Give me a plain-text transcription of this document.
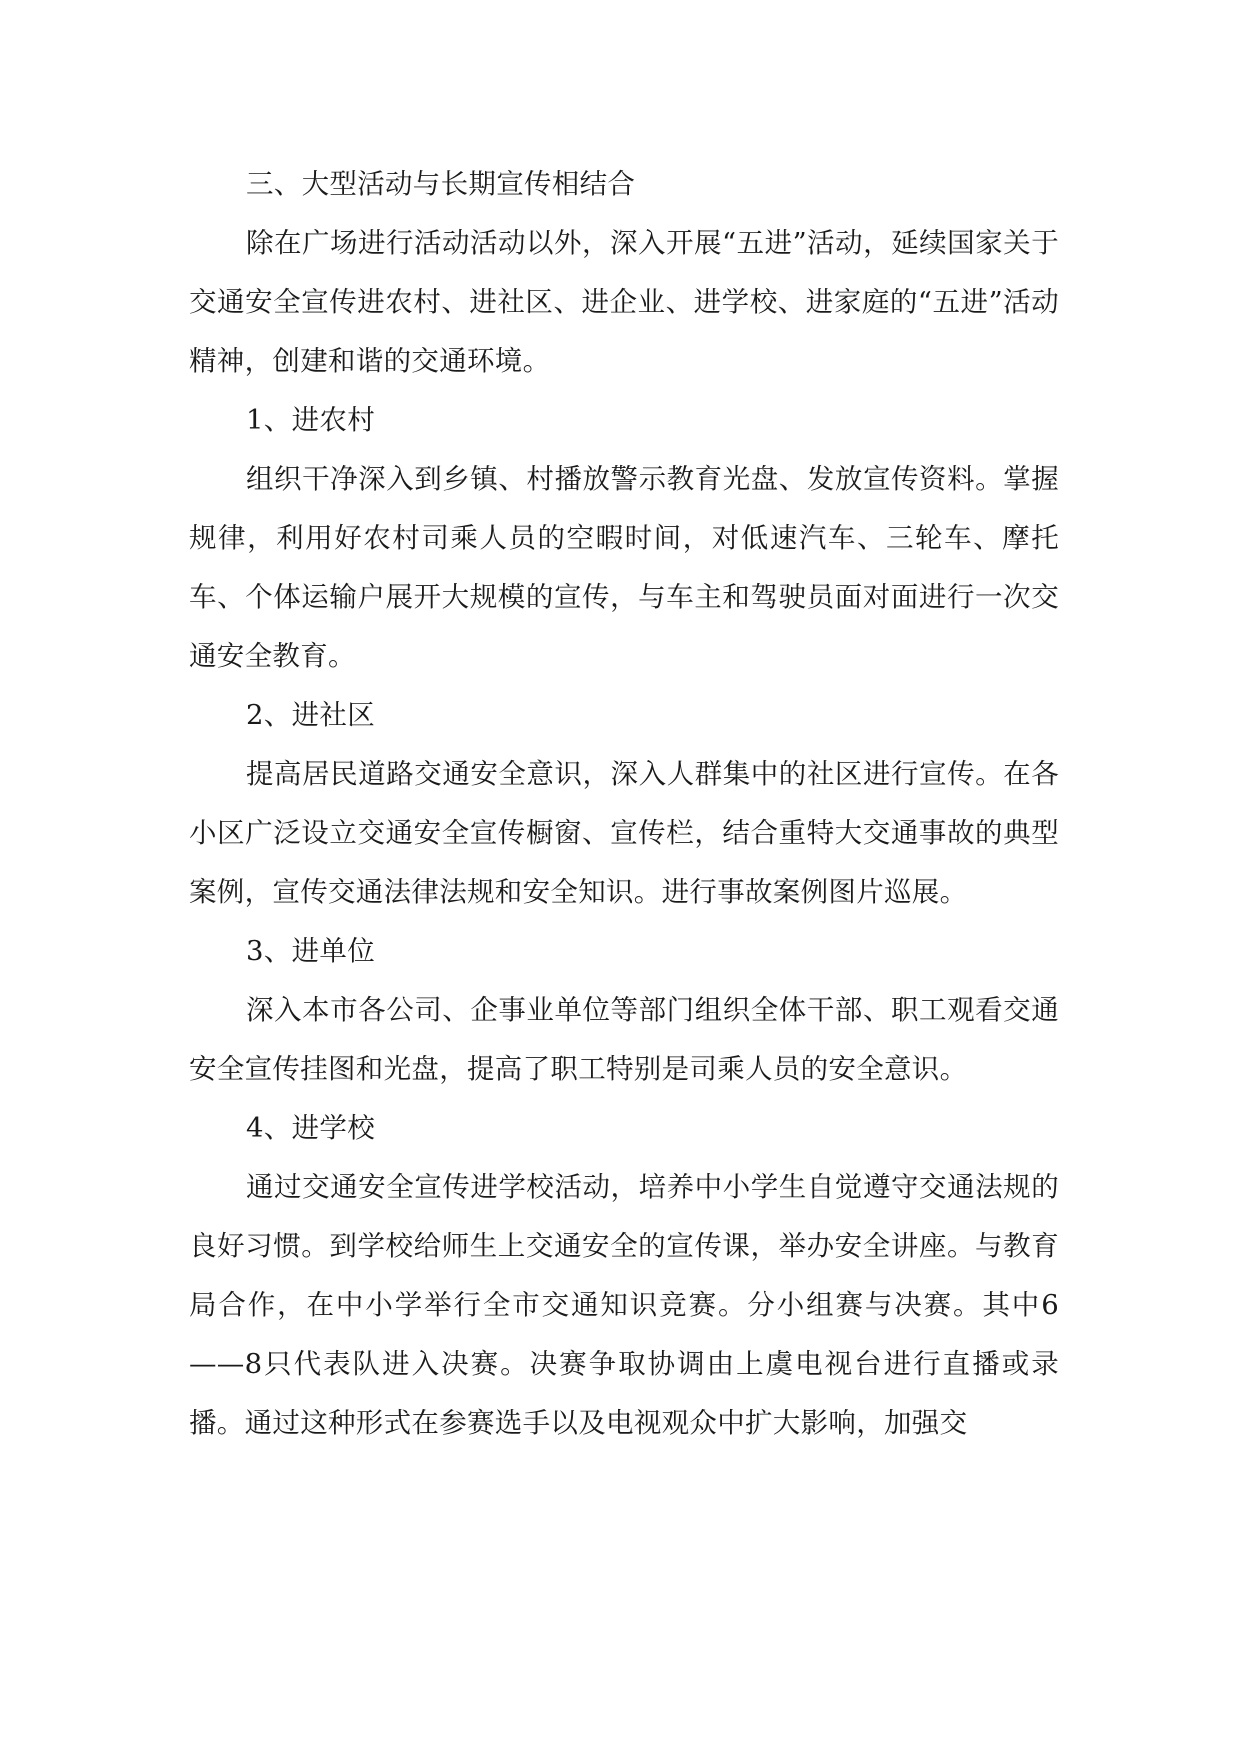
三、大型活动与长期宣传相结合

除在广场进行活动活动以外，深入开展“五进”活动，延续国家关于交通安全宣传进农村、进社区、进企业、进学校、进家庭的“五进”活动精神，创建和谐的交通环境。

1、进农村

组织干净深入到乡镇、村播放警示教育光盘、发放宣传资料。掌握规律，利用好农村司乘人员的空暇时间，对低速汽车、三轮车、摩托车、个体运输户展开大规模的宣传，与车主和驾驶员面对面进行一次交通安全教育。

2、进社区

提高居民道路交通安全意识，深入人群集中的社区进行宣传。在各小区广泛设立交通安全宣传橱窗、宣传栏，结合重特大交通事故的典型案例，宣传交通法律法规和安全知识。进行事故案例图片巡展。

3、进单位

深入本市各公司、企事业单位等部门组织全体干部、职工观看交通安全宣传挂图和光盘，提高了职工特别是司乘人员的安全意识。

4、进学校

通过交通安全宣传进学校活动，培养中小学生自觉遵守交通法规的良好习惯。到学校给师生上交通安全的宣传课，举办安全讲座。与教育局合作，在中小学举行全市交通知识竞赛。分小组赛与决赛。其中6——8只代表队进入决赛。决赛争取协调由上虞电视台进行直播或录播。通过这种形式在参赛选手以及电视观众中扩大影响，加强交
